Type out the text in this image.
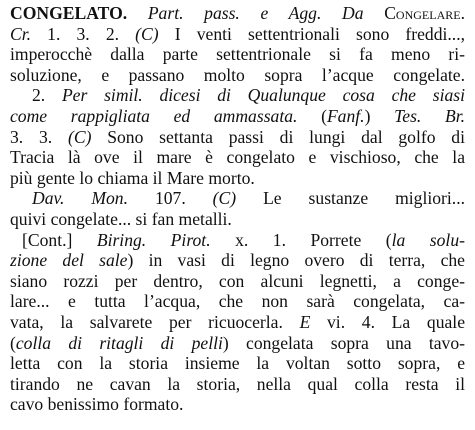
CONGELATO. Part. pass. e Agg. Da Congelare.
Cr. 1. 3. 2. (C) I venti settentrionali sono freddi...,
imperocchè dalla parte settentrionale si fa meno ri-
soluzione, e passano molto sopra l’acque congelate.
2. Per simil. dicesi di Qualunque cosa che siasi
come rappigliata ed ammassata. (Fanf.) Tes. Br.
3. 3. (C) Sono settanta passi di lungi dal golfo di
Tracia là ove il mare è congelato e vischioso, che la
più gente lo chiama il Mare morto.
Dav. Mon. 107. (C) Le sustanze migliori...
quivi congelate... si fan metalli.
[Cont.] Biring. Pirot. x. 1. Porrete (la solu-
zione del sale) in vasi di legno overo di terra, che
siano rozzi per dentro, con alcuni legnetti, a conge-
lare... e tutta l’acqua, che non sarà congelata, ca-
vata, la salvarete per ricuocerla. E vi. 4. La quale
(colla di ritagli di pelli) congelata sopra una tavo-
letta con la storia insieme la voltan sotto sopra, e
tirando ne cavan la storia, nella qual colla resta il
cavo benissimo formato.
